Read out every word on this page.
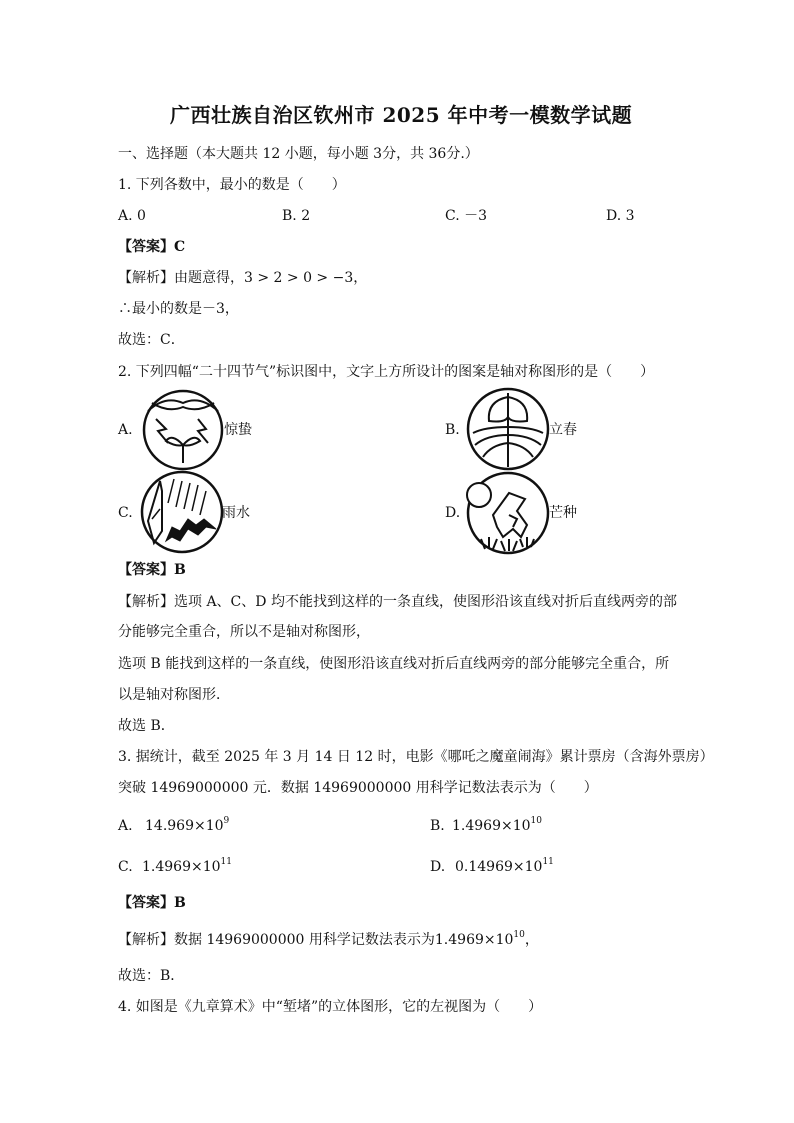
广西壮族自治区钦州市 2025 年中考一模数学试题
一、选择题（本大题共 12 小题，每小题 3分，共 36分.）
1. 下列各数中，最小的数是（　　）
A. 0	B. 2	C. －3	D. 3
【答案】C
【解析】由题意得，3 > 2 > 0 > −3，
∴最小的数是－3，
故选：C．
2. 下列四幅“二十四节气”标识图中，文字上方所设计的图案是轴对称图形的是（　　）
A.	惊蛰	B.	立春
C.	雨水	D.	芒种
【答案】B
【解析】选项 A、C、D 均不能找到这样的一条直线，使图形沿该直线对折后直线两旁的部
分能够完全重合，所以不是轴对称图形，
选项 B 能找到这样的一条直线，使图形沿该直线对折后直线两旁的部分能够完全重合，所
以是轴对称图形．
故选 B．
3. 据统计，截至 2025 年 3 月 14 日 12 时，电影《哪吒之魔童闹海》累计票房（含海外票房）
突破 14969000000 元．数据 14969000000 用科学记数法表示为（　　）
A. $14.969\times 10^9$	B. $1.4969\times 10^{10}$
C. $1.4969\times 10^{11}$	D. $0.14969\times 10^{11}$
【答案】B
【解析】数据 14969000000 用科学记数法表示为$1.4969\times 10^{10}$，
故选：B．
4. 如图是《九章算术》中“堑堵”的立体图形，它的左视图为（　　）
